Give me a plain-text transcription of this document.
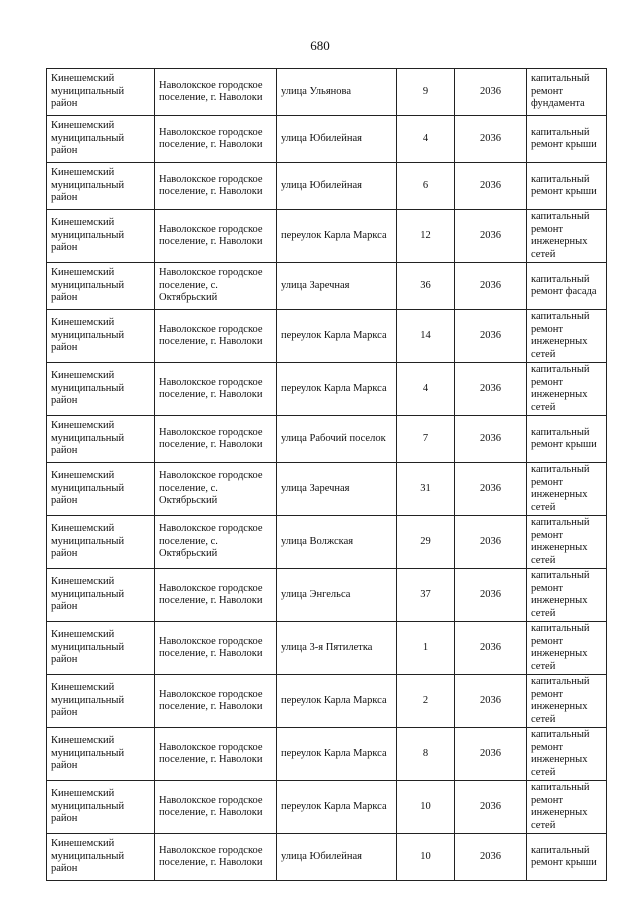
680
Кинешемский муниципальный район	Наволокское городское поселение, г. Наволоки	улица Ульянова	9	2036	капитальный ремонт фундамента
Кинешемский муниципальный район	Наволокское городское поселение, г. Наволоки	улица Юбилейная	4	2036	капитальный ремонт крыши
Кинешемский муниципальный район	Наволокское городское поселение, г. Наволоки	улица Юбилейная	6	2036	капитальный ремонт крыши
Кинешемский муниципальный район	Наволокское городское поселение, г. Наволоки	переулок Карла Маркса	12	2036	капитальный ремонт инженерных сетей
Кинешемский муниципальный район	Наволокское городское поселение, с. Октябрьский	улица Заречная	36	2036	капитальный ремонт фасада
Кинешемский муниципальный район	Наволокское городское поселение, г. Наволоки	переулок Карла Маркса	14	2036	капитальный ремонт инженерных сетей
Кинешемский муниципальный район	Наволокское городское поселение, г. Наволоки	переулок Карла Маркса	4	2036	капитальный ремонт инженерных сетей
Кинешемский муниципальный район	Наволокское городское поселение, г. Наволоки	улица Рабочий поселок	7	2036	капитальный ремонт крыши
Кинешемский муниципальный район	Наволокское городское поселение, с. Октябрьский	улица Заречная	31	2036	капитальный ремонт инженерных сетей
Кинешемский муниципальный район	Наволокское городское поселение, с. Октябрьский	улица Волжская	29	2036	капитальный ремонт инженерных сетей
Кинешемский муниципальный район	Наволокское городское поселение, г. Наволоки	улица Энгельса	37	2036	капитальный ремонт инженерных сетей
Кинешемский муниципальный район	Наволокское городское поселение, г. Наволоки	улица 3-я Пятилетка	1	2036	капитальный ремонт инженерных сетей
Кинешемский муниципальный район	Наволокское городское поселение, г. Наволоки	переулок Карла Маркса	2	2036	капитальный ремонт инженерных сетей
Кинешемский муниципальный район	Наволокское городское поселение, г. Наволоки	переулок Карла Маркса	8	2036	капитальный ремонт инженерных сетей
Кинешемский муниципальный район	Наволокское городское поселение, г. Наволоки	переулок Карла Маркса	10	2036	капитальный ремонт инженерных сетей
Кинешемский муниципальный район	Наволокское городское поселение, г. Наволоки	улица Юбилейная	10	2036	капитальный ремонт крыши
